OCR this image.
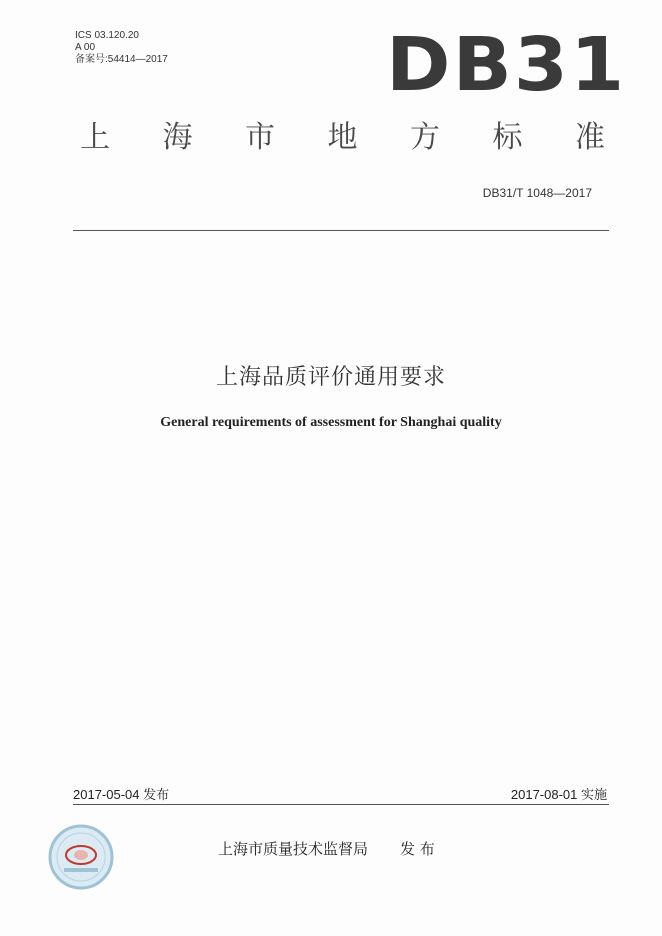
ICS 03.120.20
A 00
备案号:54414—2017	DB31
上 海 市 地 方 标 准
DB31/T 1048—2017
上海品质评价通用要求
General requirements of assessment for Shanghai quality
2017-05-04 发布	2017-08-01 实施
上海市质量技术监督局 发 布
